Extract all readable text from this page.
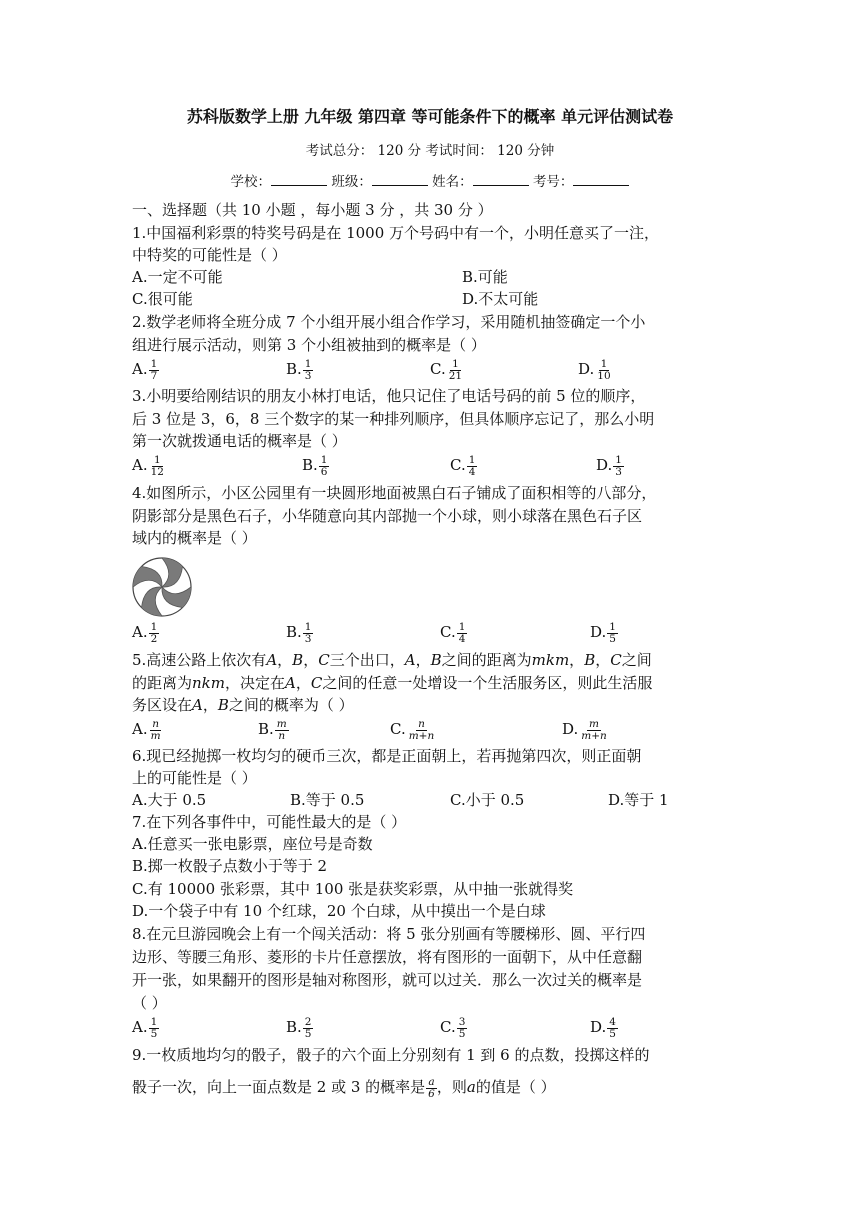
苏科版数学上册 九年级 第四章 等可能条件下的概率 单元评估测试卷
考试总分： 120 分 考试时间： 120 分钟
学校：	班级：	姓名：	考号：
一、选择题（共 10 小题 ，每小题 3 分 ，共 30 分 ）
1.中国福利彩票的特奖号码是在 1000 万个号码中有一个，小明任意买了一注，
中特奖的可能性是（ ）
A.一定不可能	B.可能
C.很可能	D.不太可能
2.数学老师将全班分成 7 个小组开展小组合作学习，采用随机抽签确定一个小
组进行展示活动，则第 3 个小组被抽到的概率是（ ）
A. $\frac{1}{7}$	B. $\frac{1}{3}$	C. $\frac{1}{21}$	D. $\frac{1}{10}$
3.小明要给刚结识的朋友小林打电话，他只记住了电话号码的前 5 位的顺序，
后 3 位是 3，6，8 三个数字的某一种排列顺序，但具体顺序忘记了，那么小明
第一次就拨通电话的概率是（ ）
A. $\frac{1}{12}$	B. $\frac{1}{6}$	C. $\frac{1}{4}$	D. $\frac{1}{3}$
4.如图所示，小区公园里有一块圆形地面被黑白石子铺成了面积相等的八部分，
阴影部分是黑色石子，小华随意向其内部抛一个小球，则小球落在黑色石子区
域内的概率是（ ）
A. $\frac{1}{2}$	B. $\frac{1}{3}$	C. $\frac{1}{4}$	D. $\frac{1}{5}$
5.高速公路上依次有A，B，C三个出口，A，B之间的距离为mkm，B，C之间
的距离为nkm，决定在A，C之间的任意一处增设一个生活服务区，则此生活服
务区设在A，B之间的概率为（ ）
A. $\frac{n}{m}$	B. $\frac{m}{n}$	C. $\frac{n}{m+n}$	D. $\frac{m}{m+n}$
6.现已经抛掷一枚均匀的硬币三次，都是正面朝上，若再抛第四次，则正面朝
上的可能性是（ ）
A.大于 0.5	B.等于 0.5	C.小于 0.5	D.等于 1
7.在下列各事件中，可能性最大的是（ ）
A.任意买一张电影票，座位号是奇数
B.掷一枚骰子点数小于等于 2
C.有 10000 张彩票，其中 100 张是获奖彩票，从中抽一张就得奖
D.一个袋子中有 10 个红球，20 个白球，从中摸出一个是白球
8.在元旦游园晚会上有一个闯关活动：将 5 张分别画有等腰梯形、圆、平行四
边形、等腰三角形、菱形的卡片任意摆放，将有图形的一面朝下，从中任意翻
开一张，如果翻开的图形是轴对称图形，就可以过关．那么一次过关的概率是
（ ）
A. $\frac{1}{5}$	B. $\frac{2}{5}$	C. $\frac{3}{5}$	D. $\frac{4}{5}$
9.一枚质地均匀的骰子，骰子的六个面上分别刻有 1 到 6 的点数，投掷这样的
骰子一次，向上一面点数是 2 或 3 的概率是 $\frac{a}{6}$ ，则a的值是（ ）
